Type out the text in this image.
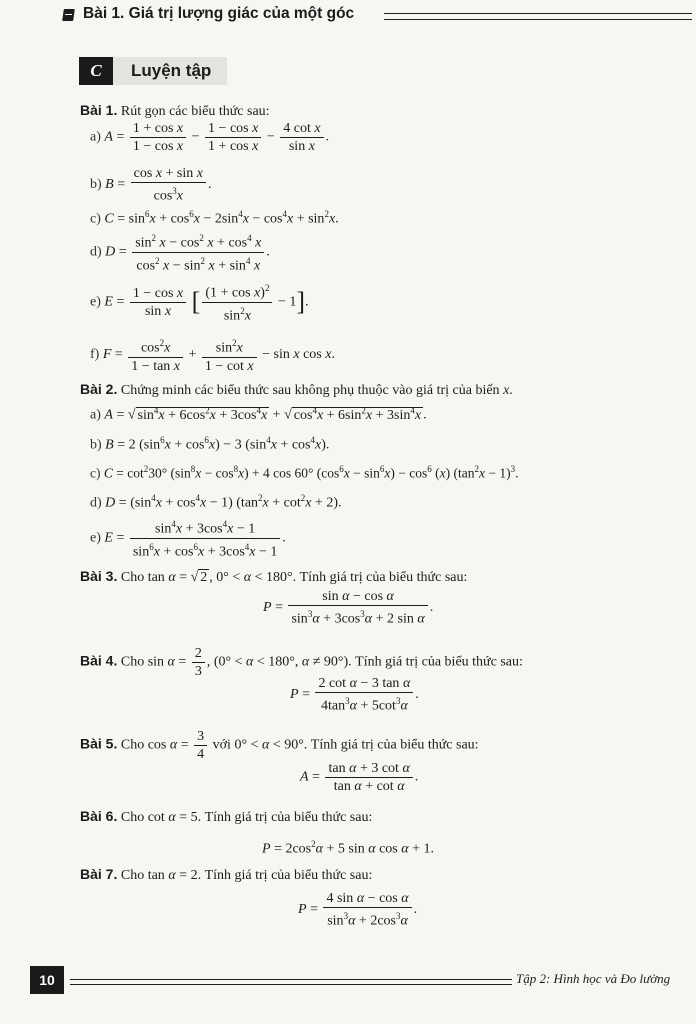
Bài 1. Giá trị lượng giác của một góc
C	Luyện tập
Bài 1. Rút gọn các biểu thức sau:
a) $A = \frac{\text{1 + cos x}}{\text{1 − cos x}} - \frac{\text{1 − cos x}}{\text{1 + cos x}} - \frac{\text{4 cot x}}{\text{sin x}}$ .
b) $B = \frac{\text{cos x + sin x}}{\cos^3x}$ .
c) $C = \sin^6x + \cos^6x - 2\sin^4x - \cos^4x + \sin^2x$.
d) $D = \frac{\sin^2 x - \cos^2 x + \cos^4 x}{\cos^2 x - \sin^2 x + \sin^4 x}$ .
e) $E = \frac{\text{1 − cos x}}{\text{sin x}}$ [ $\frac{(1 + \cos x)^2}{\sin^2x} - 1$].
f) $F = \frac{\cos^2x}{\text{1 − tan x}} + \frac{\sin^2x}{\text{1 − cot x}} - \sin x$ cos x.
Bài 2. Chứng minh các biểu thức sau không phụ thuộc vào giá trị của biến x.
a) A = √ $\sin^4x + 6\cos^2x + 3\cos^4x$ + √ $\cos^4x + 6\sin^2x + 3\sin^4x$ .
b) B = 2 $(\sin^6x + \cos^6x) - 3$ $(\sin^4x + \cos^4x)$.
c) $C = \cot^230^\circ$ $(\sin^8x - \cos^8x) + 4$ cos 60° $(\cos^6x - \sin^6x) - \cos^6 (x) (\tan^2x - 1)^3$.
d) $D = (\sin^4x + \cos^4x - 1) (\tan^2x + \cot^2x + 2)$.
e) $E = \frac{\sin^4x + 3\cos^4x - 1}{\sin^6x + \cos^6x + 3\cos^4x - 1}$ .
Bài 3. Cho tan α = √ 2 , 0° < α < 180°. Tính giá trị của biểu thức sau:
$P = \frac{\text{sin α − cos α}}{\sin^3\alpha + 3\cos^3\alpha + 2 \sin \alpha}$ .
Bài 4. Cho $\sin \alpha = \frac{2}{3}$ , (0° < α < 180°, α ≠ 90°). Tính giá trị của biểu thức sau:
$P = \frac{\text{2 cot α − 3 tan α}}{4\tan^3\alpha + 5\cot^3\alpha}$ .
Bài 5. Cho $\cos \alpha = \frac{3}{4}$ với 0° < α < 90°. Tính giá trị của biểu thức sau:
$A = \frac{\text{tan α + 3 cot α}}{\text{tan α + cot α}}$ .
Bài 6. Cho cot α = 5. Tính giá trị của biểu thức sau:
$P = 2\cos^2\alpha + 5$ sin α cos α + 1.
Bài 7. Cho tan α = 2. Tính giá trị của biểu thức sau:
$P = \frac{\text{4 sin α − cos α}}{\sin^3\alpha + 2\cos^3\alpha}$ .
10	Tập 2: Hình học và Đo lường
